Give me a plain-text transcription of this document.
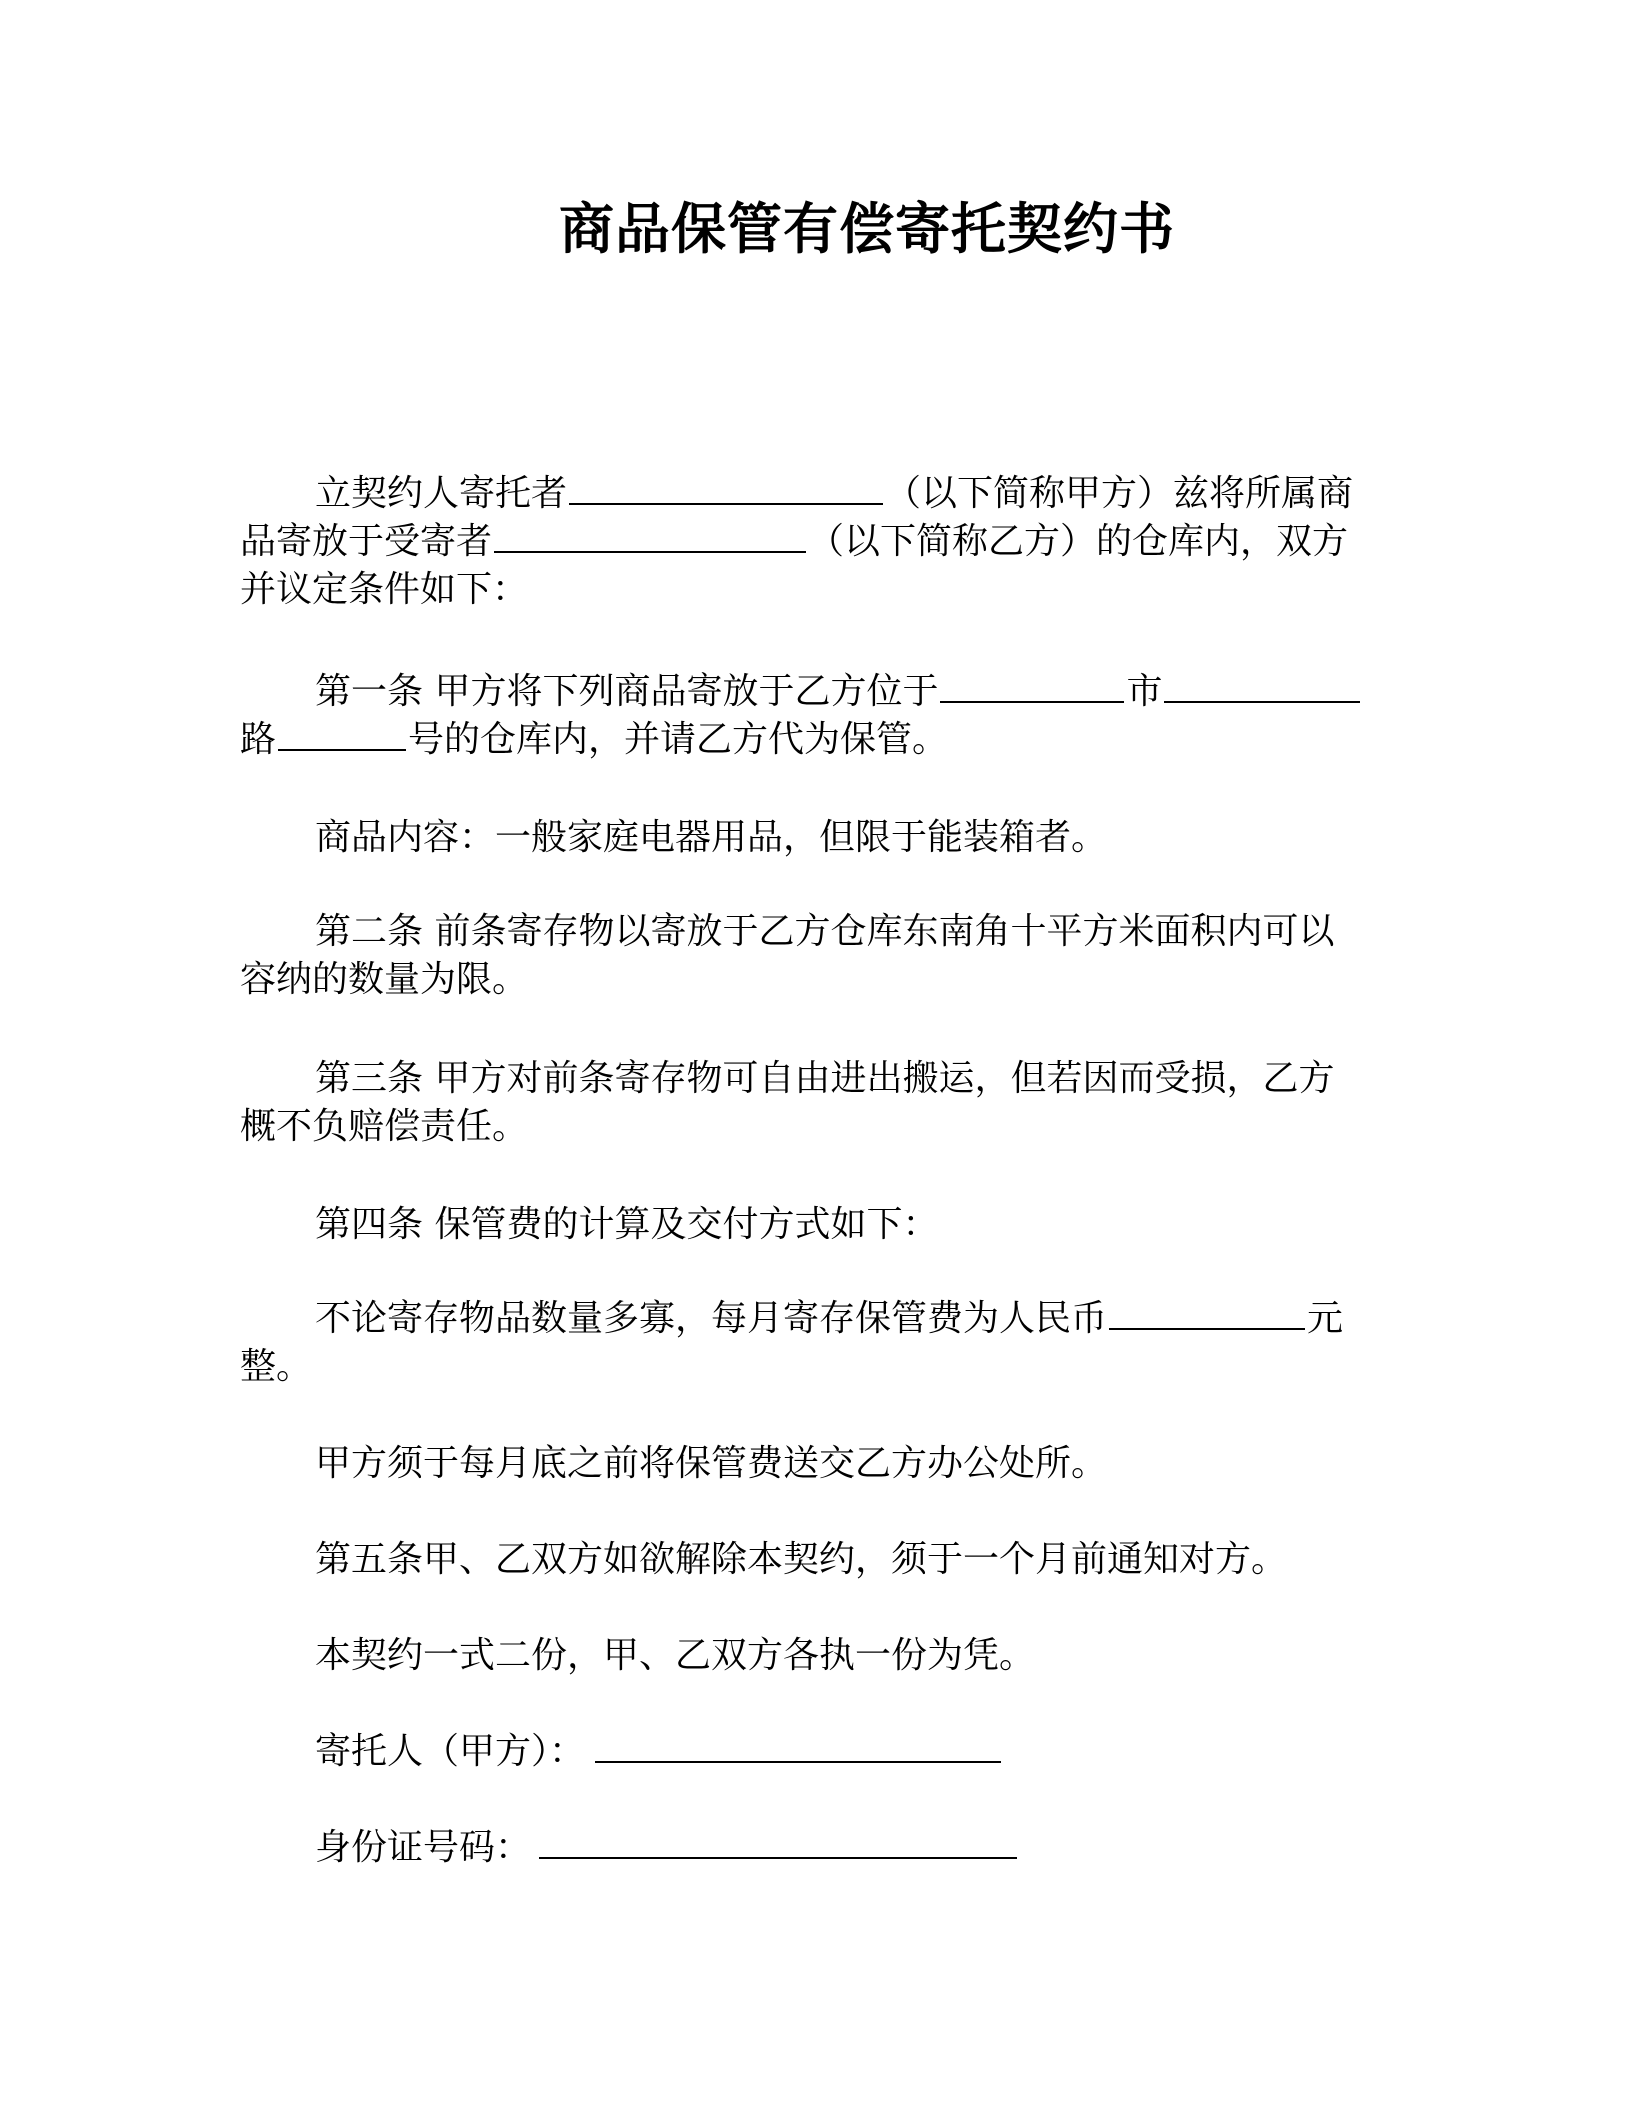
商品保管有偿寄托契约书
立契约人寄托者	（以下简称甲方）兹将所属商品寄放于受寄者	（以下简称乙方）的仓库内，双方并议定条件如下：
第一条 甲方将下列商品寄放于乙方位于	市路	号的仓库内，并请乙方代为保管。
商品内容：一般家庭电器用品，但限于能装箱者。
第二条 前条寄存物以寄放于乙方仓库东南角十平方米面积内可以容纳的数量为限。
第三条 甲方对前条寄存物可自由进出搬运，但若因而受损，乙方概不负赔偿责任。
第四条 保管费的计算及交付方式如下：
不论寄存物品数量多寡，每月寄存保管费为人民币	元整。
甲方须于每月底之前将保管费送交乙方办公处所。
第五条甲、乙双方如欲解除本契约，须于一个月前通知对方。
本契约一式二份，甲、乙双方各执一份为凭。
寄托人（甲方）：
身份证号码：
